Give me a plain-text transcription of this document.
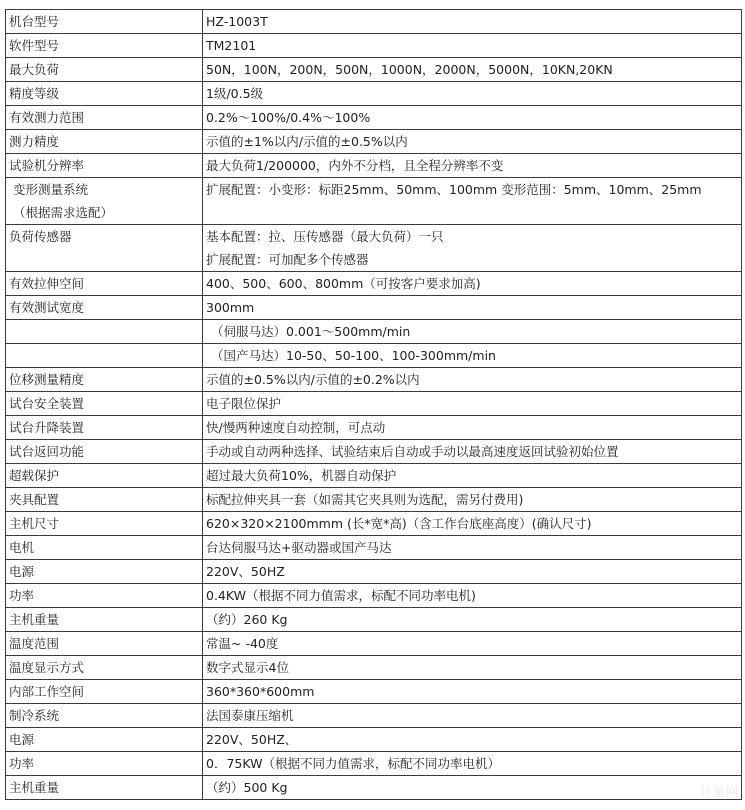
机台型号	HZ-1003T
软件型号	TM2101
最大负荷	50N，100N，200N，500N，1000N，2000N，5000N，10KN,20KN
精度等级	1级/0.5级
有效测力范围	0.2%～100%/0.4%～100%
测力精度	示值的±1%以内/示值的±0.5%以内
试验机分辨率	最大负荷1/200000，内外不分档，且全程分辨率不变

变形测量系统
（根据需求选配）	扩展配置：小变形：标距25mm、50mm、100mm 变形范围：5mm、10mm、25mm

负荷传感器	基本配置：拉、压传感器（最大负荷）一只
扩展配置：可加配多个传感器

有效拉伸空间	400、500、600、800mm（可按客户要求加高)
有效测试宽度	300mm
	（伺服马达）0.001～500mm/min
	（国产马达）10-50、50-100、100-300mm/min
位移测量精度	示值的±0.5%以内/示值的±0.2%以内
试台安全装置	电子限位保护
试台升降装置	快/慢两种速度自动控制，可点动
试台返回功能	手动或自动两种选择、试验结束后自动或手动以最高速度返回试验初始位置
超载保护	超过最大负荷10%，机器自动保护
夹具配置	标配拉伸夹具一套（如需其它夹具则为选配，需另付费用)
主机尺寸	620×320×2100mmm (长*宽*高)（含工作台底座高度）(确认尺寸)
电机	台达伺服马达+驱动器或国产马达
电源	220V、50HZ
功率	0.4KW（根据不同力值需求，标配不同功率电机)
主机重量	（约）260 Kg
温度范围	常温~ -40度
温度显示方式	数字式显示4位
内部工作空间	360*360*600mm
制冷系统	法国泰康压缩机
电源	220V、50HZ、
功率	0．75KW（根据不同力值需求，标配不同功率电机）
主机重量	（约）500 Kg	计量网
